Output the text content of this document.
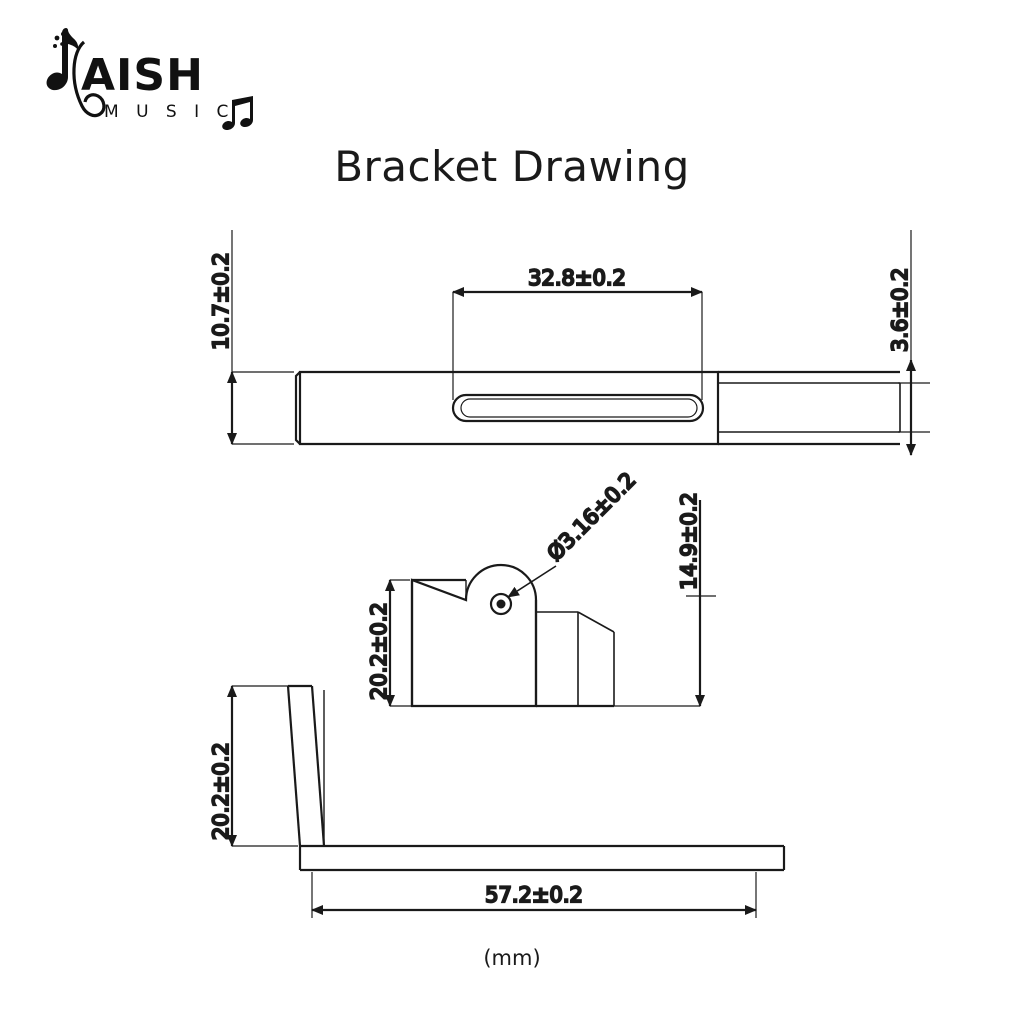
AISH
M U S I C
Bracket Drawing
10.7±0.2	32.8±0.2	3.6±0.2
Ø3.16±0.2
20.2±0.2
14.9±0.2
20.2±0.2
57.2±0.2
(mm)
